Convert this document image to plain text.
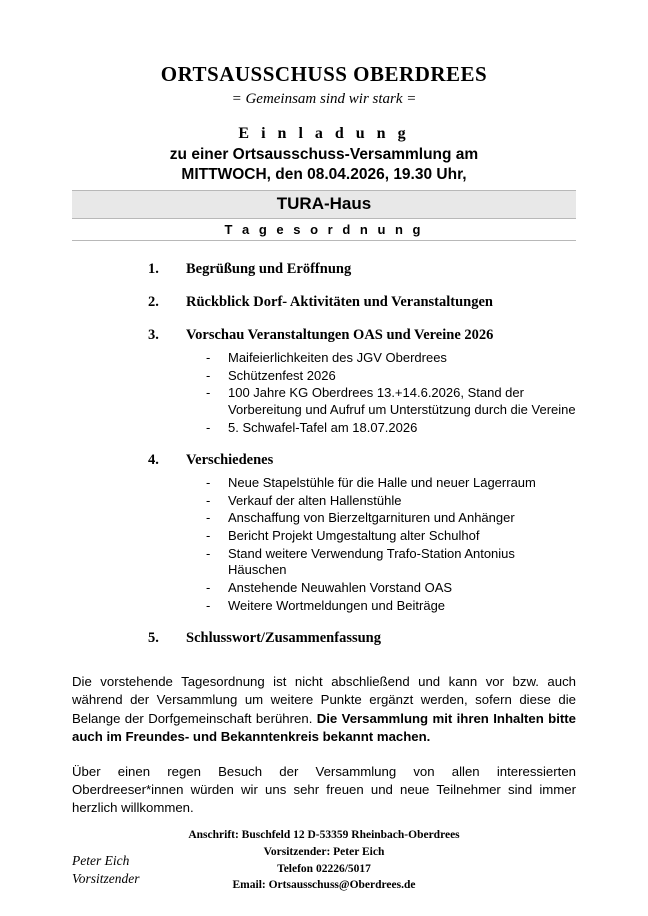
ORTSAUSSCHUSS OBERDREES
= Gemeinsam sind wir stark =
E i n l a d u n g
zu einer Ortsausschuss-Versammlung am
MITTWOCH, den 08.04.2026, 19.30 Uhr,
TURA-Haus
T a g e s o r d n u n g
1.	Begrüßung und Eröffnung
2.	Rückblick Dorf- Aktivitäten und Veranstaltungen
3.	Vorschau Veranstaltungen OAS und Vereine 2026
-	Maifeierlichkeiten des JGV Oberdrees
-	Schützenfest 2026
-	100 Jahre KG Oberdrees 13.+14.6.2026, Stand der Vorbereitung und Aufruf um Unterstützung durch die Vereine
-	5. Schwafel-Tafel am 18.07.2026
4.	Verschiedenes
-	Neue Stapelstühle für die Halle und neuer Lagerraum
-	Verkauf der alten Hallenstühle
-	Anschaffung von Bierzeltgarnituren und Anhänger
-	Bericht Projekt Umgestaltung alter Schulhof
-	Stand weitere Verwendung Trafo-Station Antonius Häuschen
-	Anstehende Neuwahlen Vorstand OAS
-	Weitere Wortmeldungen und Beiträge
5.	Schlusswort/Zusammenfassung
Die vorstehende Tagesordnung ist nicht abschließend und kann vor bzw. auch während der Versammlung um weitere Punkte ergänzt werden, sofern diese die Belange der Dorfgemeinschaft berühren. Die Versammlung mit ihren Inhalten bitte auch im Freundes- und Bekanntenkreis bekannt machen.
Über einen regen Besuch der Versammlung von allen interessierten Oberdreeser*innen würden wir uns sehr freuen und neue Teilnehmer sind immer herzlich willkommen.
Peter Eich
Vorsitzender
Anschrift: Buschfeld 12 D-53359 Rheinbach-Oberdrees
Vorsitzender: Peter Eich
Telefon 02226/5017
Email: Ortsausschuss@Oberdrees.de
